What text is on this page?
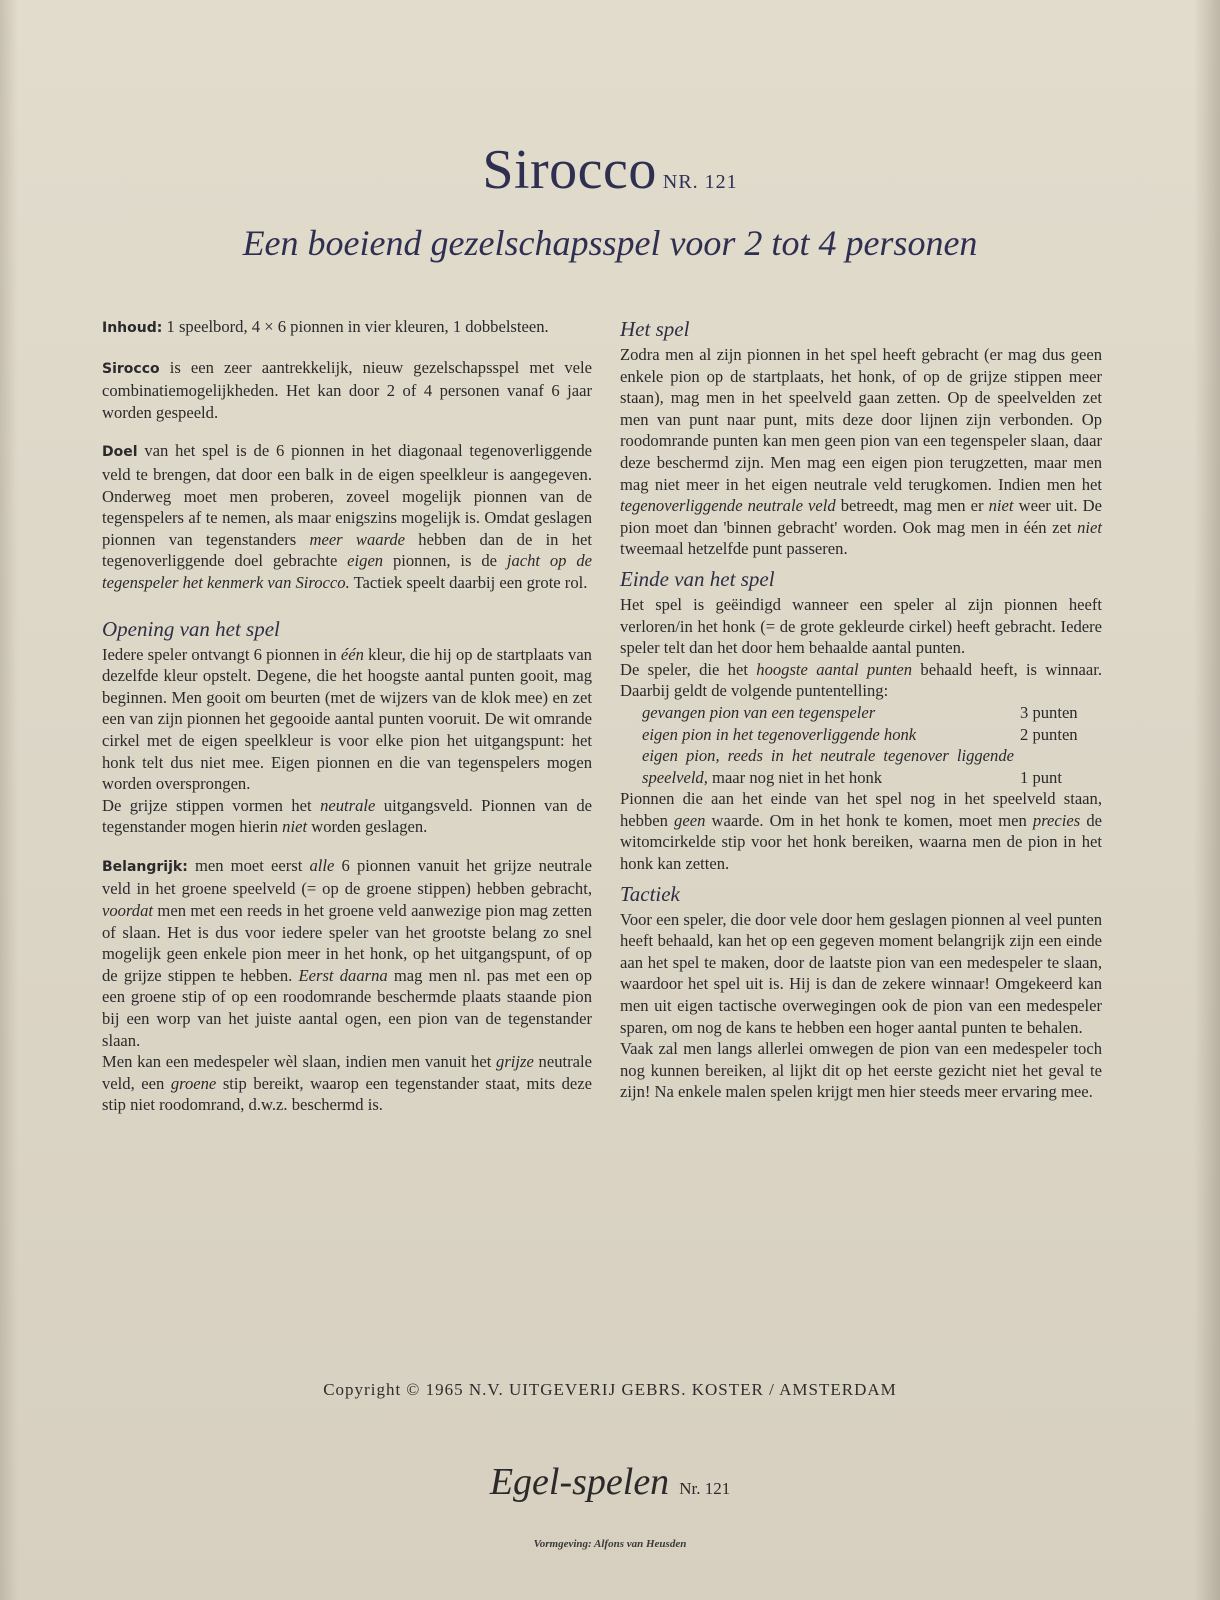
Sirocco NR. 121
Een boeiend gezelschapsspel voor 2 tot 4 personen

Inhoud: 1 speelbord, 4 × 6 pionnen in vier kleuren, 1 dobbelsteen.

Sirocco is een zeer aantrekkelijk, nieuw gezelschapsspel met vele combinatiemogelijkheden. Het kan door 2 of 4 personen vanaf 6 jaar worden gespeeld.

Doel van het spel is de 6 pionnen in het diagonaal tegenoverliggende veld te brengen, dat door een balk in de eigen speelkleur is aangegeven. Onderweg moet men proberen, zoveel mogelijk pionnen van de tegenspelers af te nemen, als maar enigszins mogelijk is. Omdat geslagen pionnen van tegenstanders meer waarde hebben dan de in het tegenoverliggende doel gebrachte eigen pionnen, is de jacht op de tegenspeler het kenmerk van Sirocco. Tactiek speelt daarbij een grote rol.

Opening van het spel

Iedere speler ontvangt 6 pionnen in één kleur, die hij op de startplaats van dezelfde kleur opstelt. Degene, die het hoogste aantal punten gooit, mag beginnen. Men gooit om beurten (met de wijzers van de klok mee) en zet een van zijn pionnen het gegooide aantal punten vooruit. De wit omrande cirkel met de eigen speelkleur is voor elke pion het uitgangspunt: het honk telt dus niet mee. Eigen pionnen en die van tegenspelers mogen worden oversprongen.

De grijze stippen vormen het neutrale uitgangsveld. Pionnen van de tegenstander mogen hierin niet worden geslagen.

Belangrijk: men moet eerst alle 6 pionnen vanuit het grijze neutrale veld in het groene speelveld (= op de groene stippen) hebben gebracht, voordat men met een reeds in het groene veld aanwezige pion mag zetten of slaan. Het is dus voor iedere speler van het grootste belang zo snel mogelijk geen enkele pion meer in het honk, op het uitgangspunt, of op de grijze stippen te hebben. Eerst daarna mag men nl. pas met een op een groene stip of op een roodomrande beschermde plaats staande pion bij een worp van het juiste aantal ogen, een pion van de tegenstander slaan.

Men kan een medespeler wèl slaan, indien men vanuit het grijze neutrale veld, een groene stip bereikt, waarop een tegenstander staat, mits deze stip niet roodomrand, d.w.z. beschermd is.

Het spel

Zodra men al zijn pionnen in het spel heeft gebracht (er mag dus geen enkele pion op de startplaats, het honk, of op de grijze stippen meer staan), mag men in het speelveld gaan zetten. Op de speelvelden zet men van punt naar punt, mits deze door lijnen zijn verbonden. Op roodomrande punten kan men geen pion van een tegenspeler slaan, daar deze beschermd zijn. Men mag een eigen pion terugzetten, maar men mag niet meer in het eigen neutrale veld terugkomen. Indien men het tegenoverliggende neutrale veld betreedt, mag men er niet weer uit. De pion moet dan 'binnen gebracht' worden. Ook mag men in één zet niet tweemaal hetzelfde punt passeren.

Einde van het spel

Het spel is geëindigd wanneer een speler al zijn pionnen heeft verloren/in het honk (= de grote gekleurde cirkel) heeft gebracht. Iedere speler telt dan het door hem behaalde aantal punten.

De speler, die het hoogste aantal punten behaald heeft, is winnaar. Daarbij geldt de volgende puntentelling:

gevangen pion van een tegenspeler	3 punten
eigen pion in het tegenoverliggende honk	2 punten
eigen pion, reeds in het neutrale tegenover liggende speelveld, maar nog niet in het honk	1 punt

Pionnen die aan het einde van het spel nog in het speelveld staan, hebben geen waarde. Om in het honk te komen, moet men precies de witomcirkelde stip voor het honk bereiken, waarna men de pion in het honk kan zetten.

Tactiek

Voor een speler, die door vele door hem geslagen pionnen al veel punten heeft behaald, kan het op een gegeven moment belangrijk zijn een einde aan het spel te maken, door de laatste pion van een medespeler te slaan, waardoor het spel uit is. Hij is dan de zekere winnaar! Omgekeerd kan men uit eigen tactische overwegingen ook de pion van een medespeler sparen, om nog de kans te hebben een hoger aantal punten te behalen.

Vaak zal men langs allerlei omwegen de pion van een medespeler toch nog kunnen bereiken, al lijkt dit op het eerste gezicht niet het geval te zijn! Na enkele malen spelen krijgt men hier steeds meer ervaring mee.

Copyright © 1965 N.V. UITGEVERIJ GEBRS. KOSTER / AMSTERDAM
Egel-spelen Nr. 121
Vormgeving: Alfons van Heusden
